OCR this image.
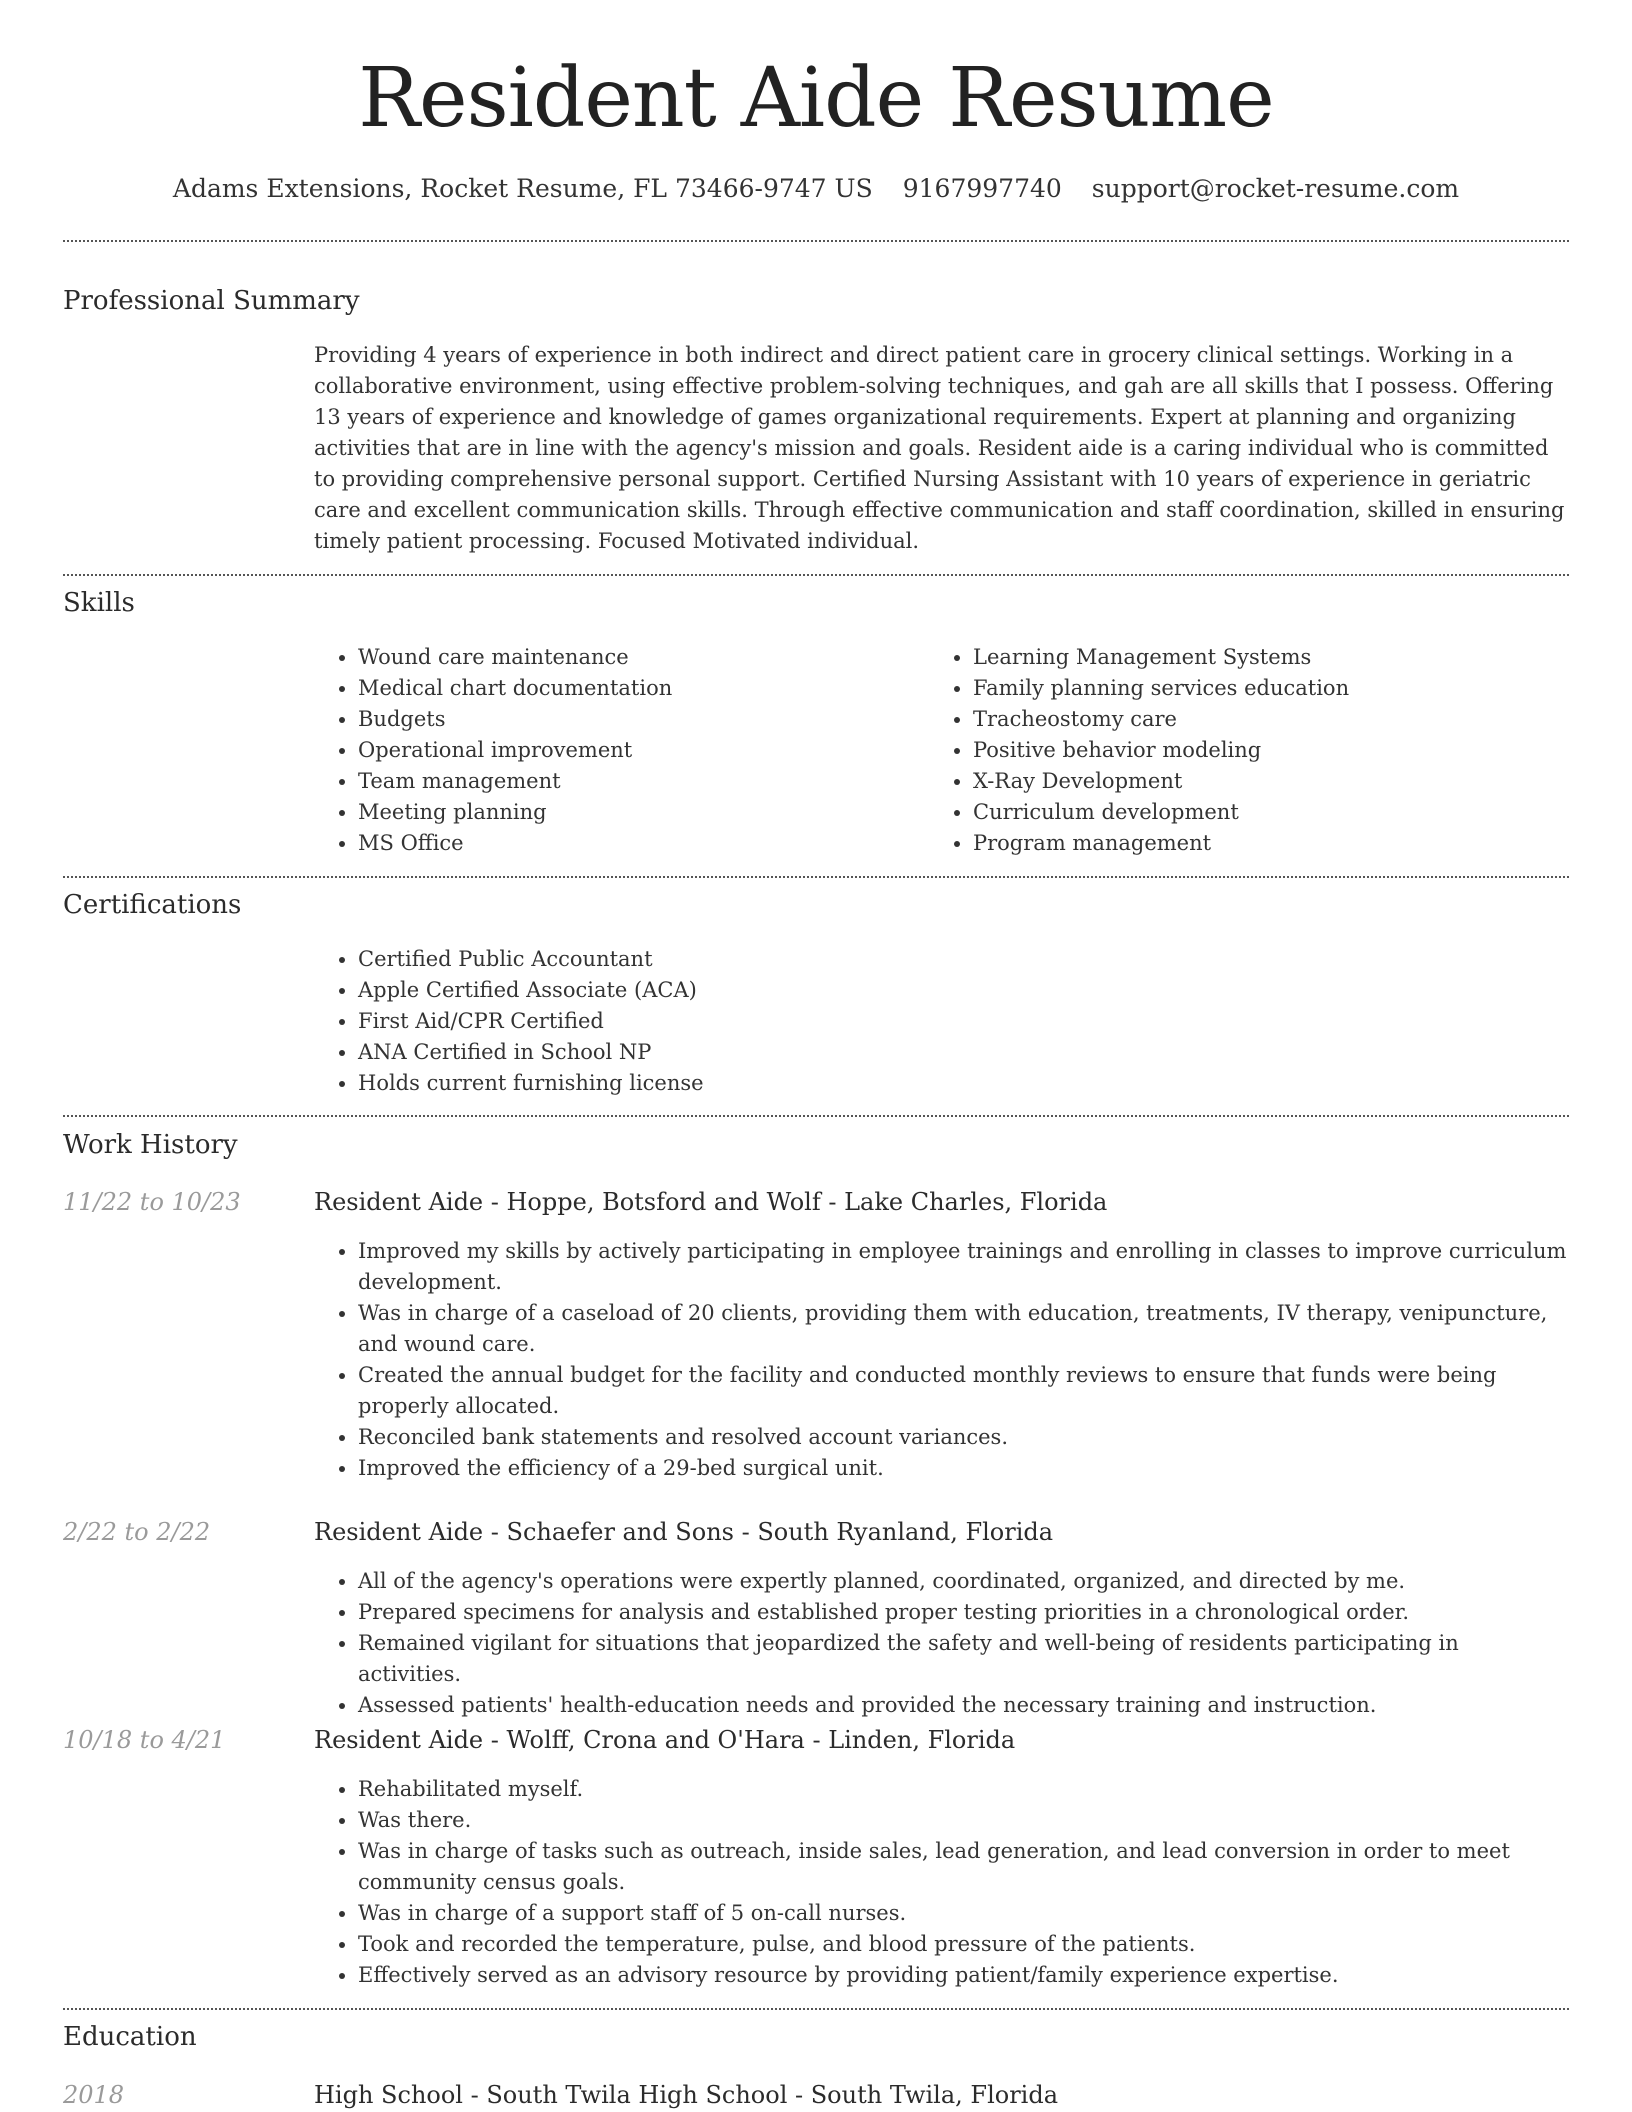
Resident Aide Resume
Adams Extensions, Rocket Resume, FL 73466-9747 US 9167997740 support@rocket-resume.com
Professional Summary

Providing 4 years of experience in both indirect and direct patient care in grocery clinical settings. Working in a collaborative environment, using effective problem-solving techniques, and gah are all skills that I possess. Offering 13 years of experience and knowledge of games organizational requirements. Expert at planning and organizing activities that are in line with the agency's mission and goals. Resident aide is a caring individual who is committed to providing comprehensive personal support. Certified Nursing Assistant with 10 years of experience in geriatric care and excellent communication skills. Through effective communication and staff coordination, skilled in ensuring timely patient processing. Focused Motivated individual.

Skills
• Wound care maintenance
• Medical chart documentation
• Budgets
• Operational improvement
• Team management
• Meeting planning
• MS Office
• Learning Management Systems
• Family planning services education
• Tracheostomy care
• Positive behavior modeling
• X-Ray Development
• Curriculum development
• Program management
Certifications
• Certified Public Accountant
• Apple Certified Associate (ACA)
• First Aid/CPR Certified
• ANA Certified in School NP
• Holds current furnishing license
Work History
11/22 to 10/23	Resident Aide - Hoppe, Botsford and Wolf - Lake Charles, Florida
• Improved my skills by actively participating in employee trainings and enrolling in classes to improve curriculum development.
• Was in charge of a caseload of 20 clients, providing them with education, treatments, IV therapy, venipuncture, and wound care.
• Created the annual budget for the facility and conducted monthly reviews to ensure that funds were being properly allocated.
• Reconciled bank statements and resolved account variances.
• Improved the efficiency of a 29-bed surgical unit.
2/22 to 2/22	Resident Aide - Schaefer and Sons - South Ryanland, Florida
• All of the agency's operations were expertly planned, coordinated, organized, and directed by me.
• Prepared specimens for analysis and established proper testing priorities in a chronological order.
• Remained vigilant for situations that jeopardized the safety and well-being of residents participating in activities.
• Assessed patients' health-education needs and provided the necessary training and instruction.
10/18 to 4/21	Resident Aide - Wolff, Crona and O'Hara - Linden, Florida
• Rehabilitated myself.
• Was there.
• Was in charge of tasks such as outreach, inside sales, lead generation, and lead conversion in order to meet community census goals.
• Was in charge of a support staff of 5 on-call nurses.
• Took and recorded the temperature, pulse, and blood pressure of the patients.
• Effectively served as an advisory resource by providing patient/family experience expertise.
Education
2018	High School - South Twila High School - South Twila, Florida
